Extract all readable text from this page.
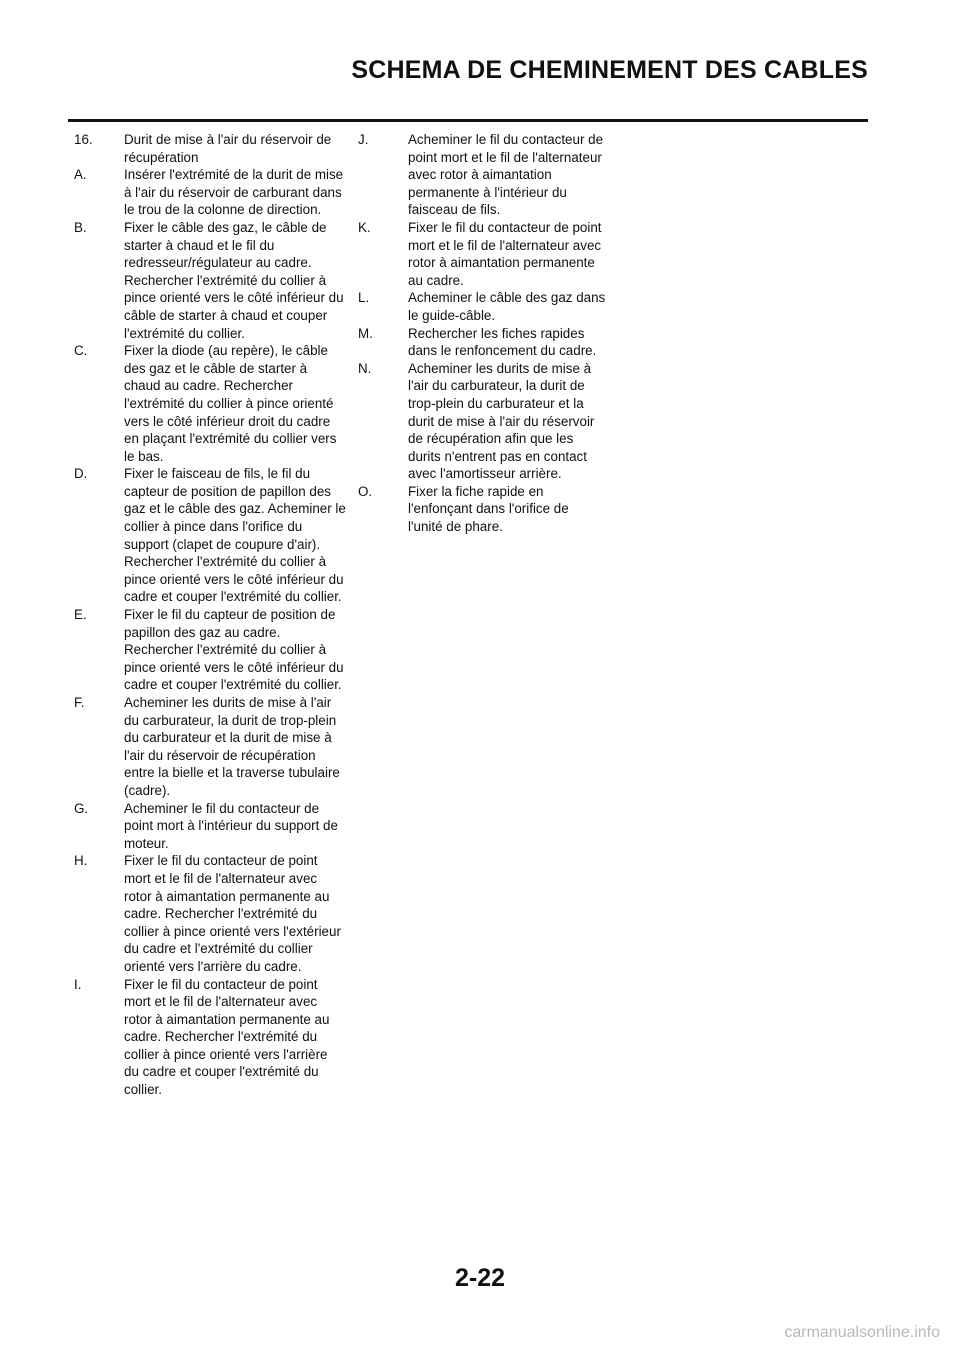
SCHEMA DE CHEMINEMENT DES CABLES
16. Durit de mise à l'air du réservoir de récupération
A.	Insérer l'extrémité de la durit de mise à l'air du réservoir de carburant dans le trou de la colonne de direction.
B.	Fixer le câble des gaz, le câble de starter à chaud et le fil du redresseur/régulateur au cadre. Rechercher l'extrémité du collier à pince orienté vers le côté inférieur du câble de starter à chaud et couper l'extrémité du collier.
C.	Fixer la diode (au repère), le câble des gaz et le câble de starter à chaud au cadre. Rechercher l'extrémité du collier à pince orienté vers le côté inférieur droit du cadre en plaçant l'extrémité du collier vers le bas.
D.	Fixer le faisceau de fils, le fil du capteur de position de papillon des gaz et le câble des gaz. Acheminer le collier à pince dans l'orifice du support (clapet de coupure d'air). Rechercher l'extrémité du collier à pince orienté vers le côté inférieur du cadre et couper l'extrémité du collier.
E.	Fixer le fil du capteur de position de papillon des gaz au cadre. Rechercher l'extrémité du collier à pince orienté vers le côté inférieur du cadre et couper l'extrémité du collier.
F.	Acheminer les durits de mise à l'air du carburateur, la durit de trop-plein du carburateur et la durit de mise à l'air du réservoir de récupération entre la bielle et la traverse tubulaire (cadre).
G.	Acheminer le fil du contacteur de point mort à l'intérieur du support de moteur.
H.	Fixer le fil du contacteur de point mort et le fil de l'alternateur avec rotor à aimantation permanente au cadre. Rechercher l'extrémité du collier à pince orienté vers l'extérieur du cadre et l'extrémité du collier orienté vers l'arrière du cadre.
I.	Fixer le fil du contacteur de point mort et le fil de l'alternateur avec rotor à aimantation permanente au cadre. Rechercher l'extrémité du collier à pince orienté vers l'arrière du cadre et couper l'extrémité du collier.
J.	Acheminer le fil du contacteur de point mort et le fil de l'alternateur avec rotor à aimantation permanente à l'intérieur du faisceau de fils.
K.	Fixer le fil du contacteur de point mort et le fil de l'alternateur avec rotor à aimantation permanente au cadre.
L.	Acheminer le câble des gaz dans le guide-câble.
M.	Rechercher les fiches rapides dans le renfoncement du cadre.
N.	Acheminer les durits de mise à l'air du carburateur, la durit de trop-plein du carburateur et la durit de mise à l'air du réservoir de récupération afin que les durits n'entrent pas en contact avec l'amortisseur arrière.
O.	Fixer la fiche rapide en l'enfonçant dans l'orifice de l'unité de phare.
2-22
carmanualsonline.info
